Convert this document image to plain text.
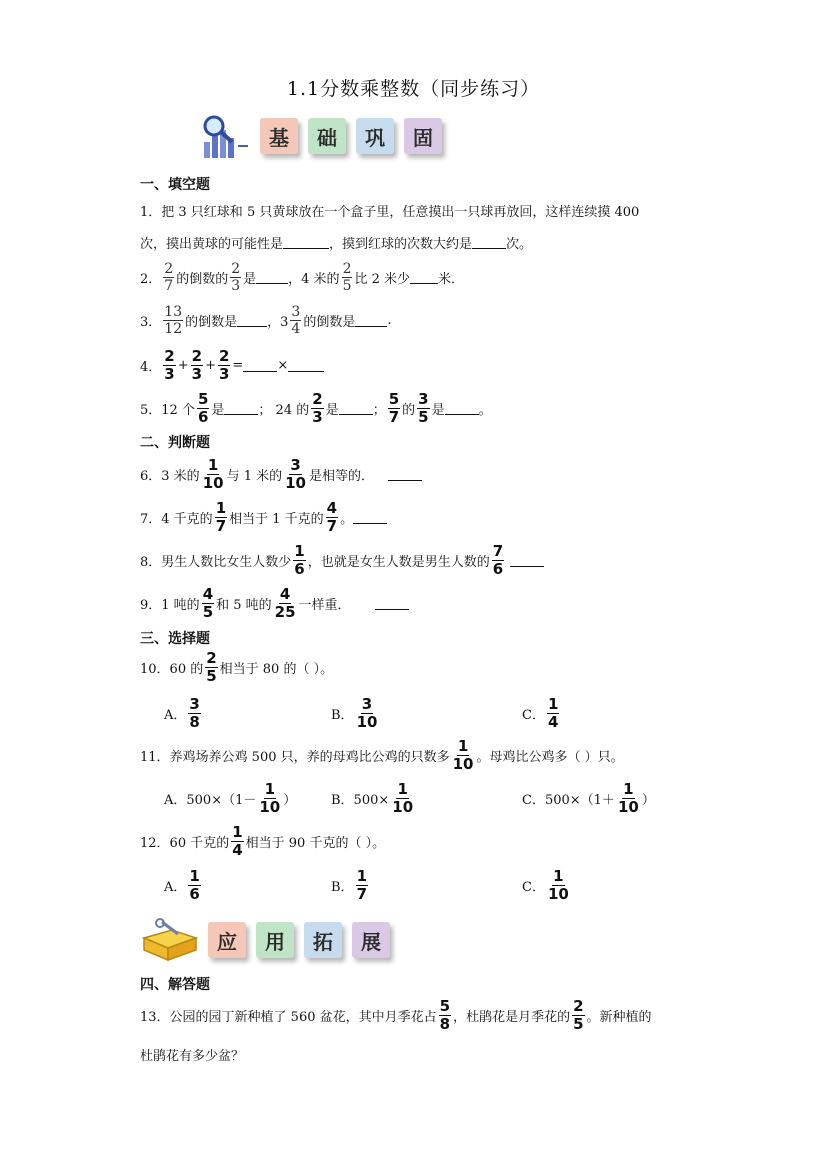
1.1分数乘整数（同步练习）
基	础	巩	固
一、填空题
1．把 3 只红球和 5 只黄球放在一个盒子里，任意摸出一只球再放回，这样连续摸 400
次，摸出黄球的可能性是	，摸到红球的次数大约是	次。
2． $\frac{2}{7}$ 的倒数的 $\frac{2}{3}$ 是 ，4 米的 $\frac{2}{5}$ 比 2 米少 米．
3． $\frac{13}{12}$ 的倒数是 ，$3 \frac{3}{4}$ 的倒数是 .
4． $\frac{2}{3} + \frac{2}{3} + \frac{2}{3}$ =	×
5． 12 个 $\frac{5}{6}$ 是	； 24 的 $\frac{2}{3}$ 是	； $\frac{5}{7}$ 的 $\frac{3}{5}$ 是	。
二、判断题
6． 3 米的 $\frac{1}{10}$ 与 1 米的 $\frac{3}{10}$ 是相等的．
7． 4 千克的 $\frac{1}{7}$ 相当于 1 千克的 $\frac{4}{7}$ 。
8． 男生人数比女生人数少 $\frac{1}{6}$ ，也就是女生人数是男生人数的 $\frac{7}{6}$
9． 1 吨的 $\frac{4}{5}$ 和 5 吨的 $\frac{4}{25}$ 一样重．
三、选择题
10．60 的 $\frac{2}{5}$ 相当于 80 的（ ）。
A． $\frac{3}{8}$	B． $\frac{3}{10}$	C． $\frac{1}{4}$
11．养鸡场养公鸡 500 只，养的母鸡比公鸡的只数多 $\frac{1}{10}$ 。母鸡比公鸡多（ ）只。
A．$500\times(1- \frac{1}{10}$ ）	B．$500\times \frac{1}{10}$	C．$500\times(1+ \frac{1}{10}$ ）
12．60 千克的 $\frac{1}{4}$ 相当于 90 千克的（ ）。
A． $\frac{1}{6}$	B． $\frac{1}{7}$	C． $\frac{1}{10}$
应	用	拓	展
四、解答题
13．公园的园丁新种植了 560 盆花，其中月季花占 $\frac{5}{8}$ ，杜鹃花是月季花的 $\frac{2}{5}$ 。新种植的
杜鹃花有多少盆？
